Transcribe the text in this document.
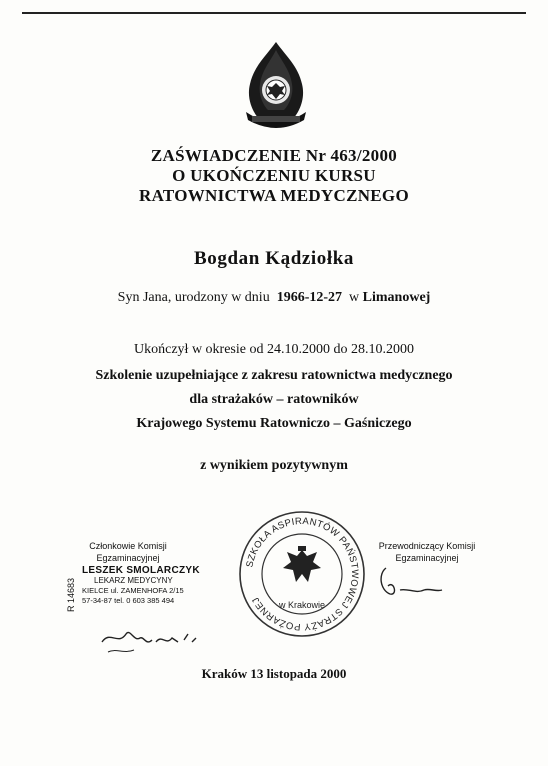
ZAŚWIADCZENIE Nr 463/2000
O UKOŃCZENIU KURSU
RATOWNICTWA MEDYCZNEGO
Bogdan Kądziołka
Syn Jana, urodzony w dniu 1966-12-27 w Limanowej
Ukończył w okresie od 24.10.2000 do 28.10.2000
Szkolenie uzupełniające z zakresu ratownictwa medycznego
dla strażaków – ratowników
Krajowego Systemu Ratowniczo – Gaśniczego
z wynikiem pozytywnym
Członkowie Komisji
Egzaminacyjnej
R 14683
LESZEK SMOLARCZYK
LEKARZ MEDYCYNY
KIELCE ul. ZAMENHOFA 2/15
57-34-87 tel. 0 603 385 494
SZKOŁA ASPIRANTÓW PAŃSTWOWEJ STRAŻY POŻARNEJ
w Krakowie
Przewodniczący Komisji
Egzaminacyjnej
Kraków 13 listopada 2000
